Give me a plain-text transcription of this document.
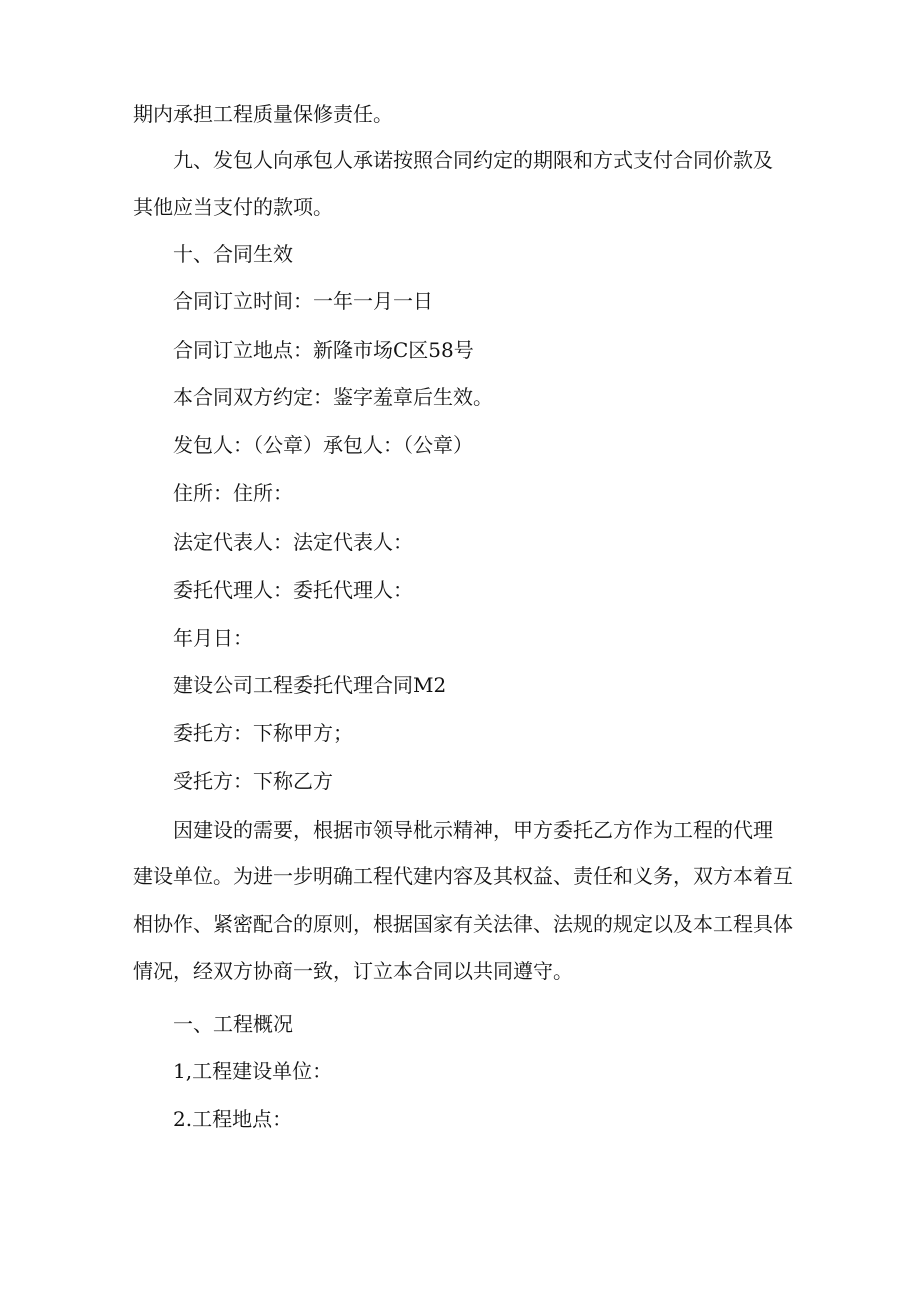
期内承担工程质量保修责任。

九、发包人向承包人承诺按照合同约定的期限和方式支付合同价款及

其他应当支付的款项。

十、合同生效

合同订立时间：一年一月一日

合同订立地点：新隆市场C区58号

本合同双方约定：鉴字羞章后生效。

发包人：（公章）承包人：（公章）

住所：住所：

法定代表人：法定代表人：

委托代理人：委托代理人：

年月日：

建设公司工程委托代理合同M2

委托方：下称甲方；

受托方：下称乙方

因建设的需要，根据市领导枇示精神，甲方委托乙方作为工程的代理

建设单位。为进一步明确工程代建内容及其权益、责任和义务，双方本着互

相协作、紧密配合的原则，根据国家有关法律、法规的规定以及本工程具体

情况，经双方协商一致，订立本合同以共同遵守。

一、工程概况

1,工程建设单位：

2.工程地点：
